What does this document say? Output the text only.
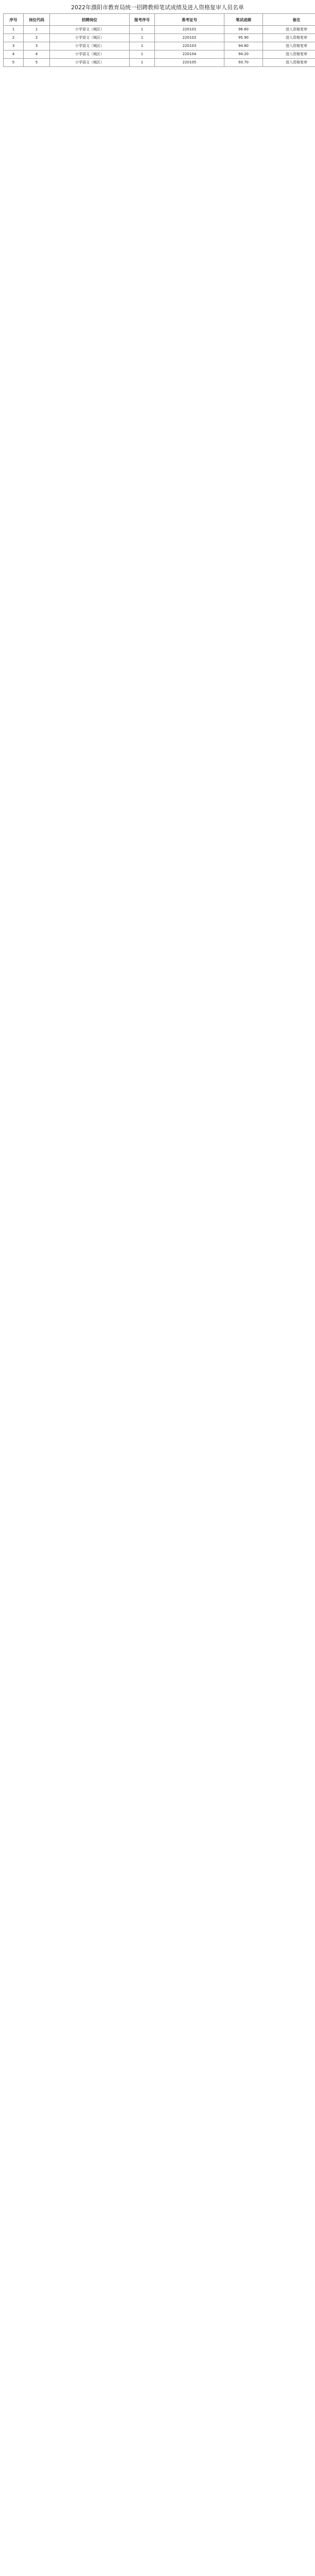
2022年濮阳市教育局统一招聘教师笔试成绩及进入资格复审人员名单
序号	岗位代码	招聘岗位	报考序号	准考证号	笔试成绩	备注
1	1	小学语文（城区）	1	220101	96.60	进入资格复审
2	2	小学语文（城区）	1	220102	95.90	进入资格复审
3	3	小学语文（城区）	1	220103	94.80	进入资格复审
4	4	小学语文（城区）	1	220104	94.20	进入资格复审
5	5	小学语文（城区）	1	220105	93.70	进入资格复审
